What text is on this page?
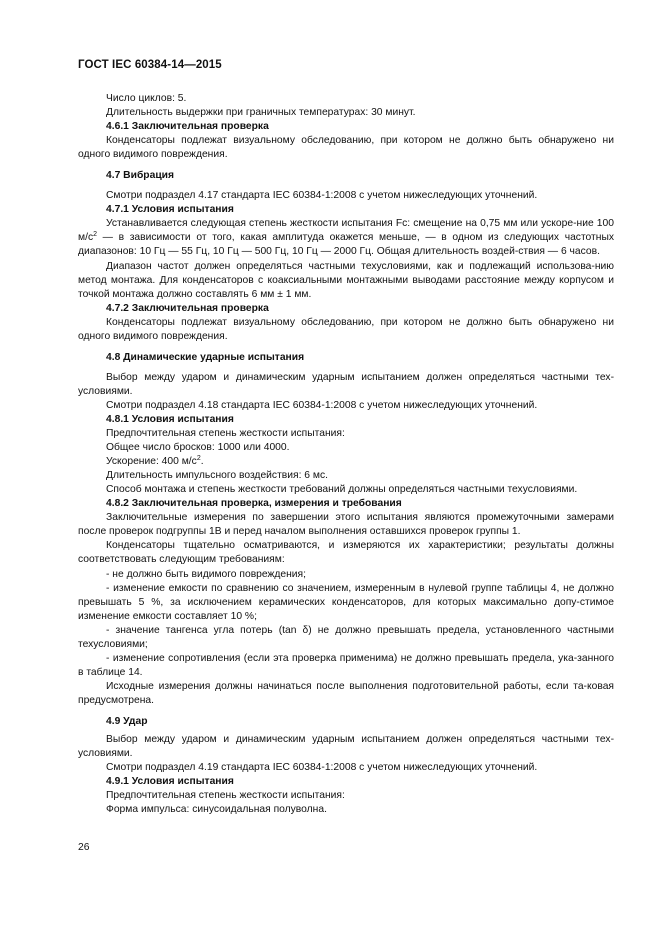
ГОСТ IEC 60384-14—2015

Число циклов: 5.

Длительность выдержки при граничных температурах: 30 минут.

4.6.1 Заключительная проверка

Конденсаторы подлежат визуальному обследованию, при котором не должно быть обнаружено ни одного видимого повреждения.

4.7 Вибрация

Смотри подраздел 4.17 стандарта IEC 60384-1:2008 с учетом нижеследующих уточнений.

4.7.1 Условия испытания

Устанавливается следующая степень жесткости испытания Fc: смещение на 0,75 мм или ускоре-ние 100 $м/с^2$ — в зависимости от того, какая амплитуда окажется меньше, — в одном из следующих частотных диапазонов: 10 Гц — 55 Гц, 10 Гц — 500 Гц, 10 Гц — 2000 Гц. Общая длительность воздей-ствия — 6 часов.

Диапазон частот должен определяться частными техусловиями, как и подлежащий использова-нию метод монтажа. Для конденсаторов с коаксиальными монтажными выводами расстояние между корпусом и точкой монтажа должно составлять 6 мм ± 1 мм.

4.7.2 Заключительная проверка

Конденсаторы подлежат визуальному обследованию, при котором не должно быть обнаружено ни одного видимого повреждения.

4.8 Динамические ударные испытания

Выбор между ударом и динамическим ударным испытанием должен определяться частными тех-условиями.

Смотри подраздел 4.18 стандарта IEC 60384-1:2008 с учетом нижеследующих уточнений.

4.8.1 Условия испытания

Предпочтительная степень жесткости испытания:

Общее число бросков: 1000 или 4000.

Ускорение: 400 $м/с^2$.

Длительность импульсного воздействия: 6 мс.

Способ монтажа и степень жесткости требований должны определяться частными техусловиями.

4.8.2 Заключительная проверка, измерения и требования

Заключительные измерения по завершении этого испытания являются промежуточными замерами после проверок подгруппы 1В и перед началом выполнения оставшихся проверок группы 1.

Конденсаторы тщательно осматриваются, и измеряются их характеристики; результаты должны соответствовать следующим требованиям:

- не должно быть видимого повреждения;

- изменение емкости по сравнению со значением, измеренным в нулевой группе таблицы 4, не должно превышать 5 %, за исключением керамических конденсаторов, для которых максимально допу-стимое изменение емкости составляет 10 %;

- значение тангенса угла потерь (tan δ) не должно превышать предела, установленного частными техусловиями;

- изменение сопротивления (если эта проверка применима) не должно превышать предела, ука-занного в таблице 14.

Исходные измерения должны начинаться после выполнения подготовительной работы, если та-ковая предусмотрена.

4.9 Удар

Выбор между ударом и динамическим ударным испытанием должен определяться частными тех-условиями.

Смотри подраздел 4.19 стандарта IEC 60384-1:2008 с учетом нижеследующих уточнений.

4.9.1 Условия испытания

Предпочтительная степень жесткости испытания:

Форма импульса: синусоидальная полуволна.

26
